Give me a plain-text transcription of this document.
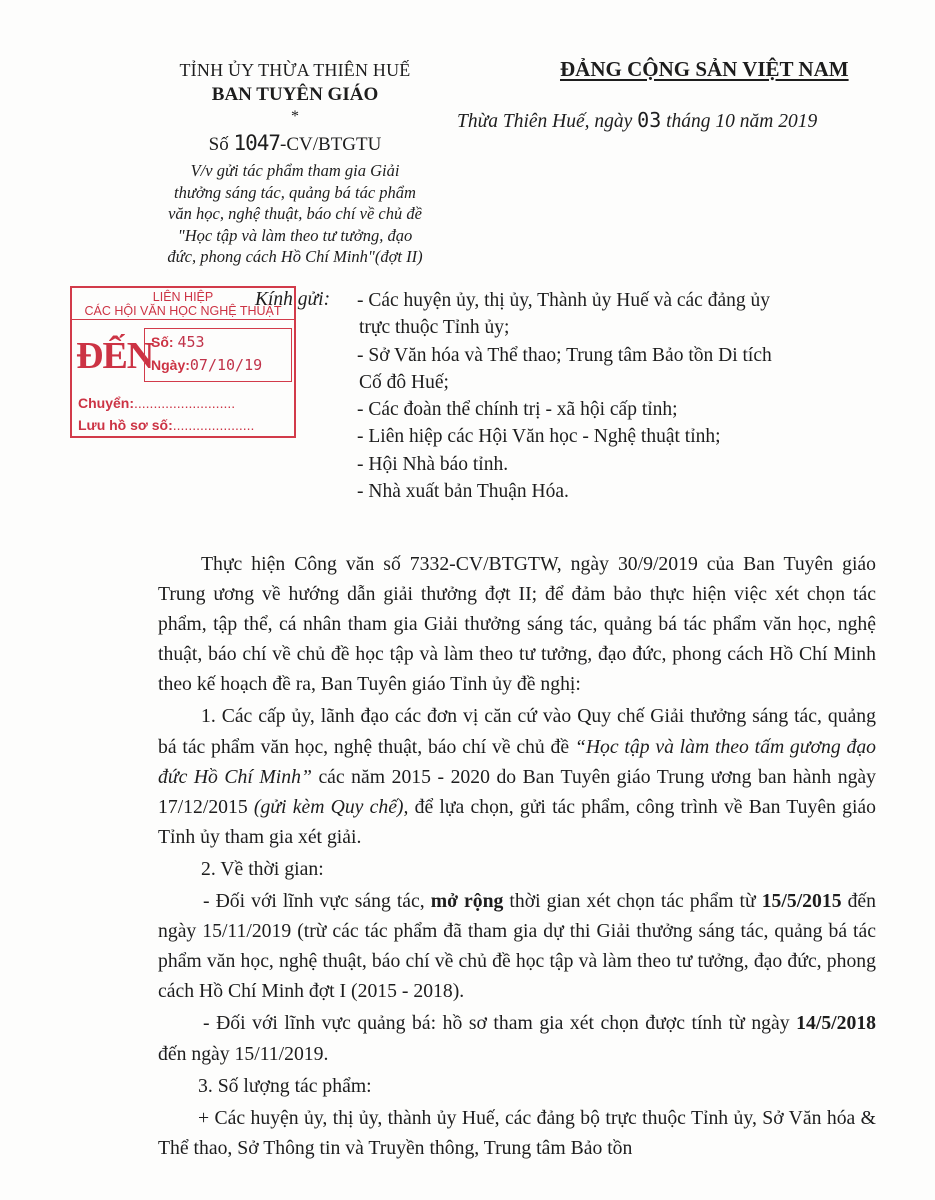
TỈNH ỦY THỪA THIÊN HUẾ
BAN TUYÊN GIÁO
*
Số 1047-CV/BTGTU
V/v gửi tác phẩm tham gia Giải
thưởng sáng tác, quảng bá tác phẩm
văn học, nghệ thuật, báo chí về chủ đề
"Học tập và làm theo tư tưởng, đạo
đức, phong cách Hồ Chí Minh"(đợt II)
ĐẢNG CỘNG SẢN VIỆT NAM
Thừa Thiên Huế, ngày 03 tháng 10 năm 2019
LIÊN HIỆP
CÁC HỘI VĂN HỌC NGHỆ THUẬT
ĐẾN
Số: 453
Ngày:07/10/19
Chuyển:..........................
Lưu hồ sơ số:.....................
Kính gửi: - Các huyện ủy, thị ủy, Thành ủy Huế và các đảng ủy
trực thuộc Tỉnh ủy;
- Sở Văn hóa và Thể thao; Trung tâm Bảo tồn Di tích
Cố đô Huế;
- Các đoàn thể chính trị - xã hội cấp tỉnh;
- Liên hiệp các Hội Văn học - Nghệ thuật tỉnh;
- Hội Nhà báo tỉnh.
- Nhà xuất bản Thuận Hóa.

Thực hiện Công văn số 7332-CV/BTGTW, ngày 30/9/2019 của Ban Tuyên giáo Trung ương về hướng dẫn giải thưởng đợt II; để đảm bảo thực hiện việc xét chọn tác phẩm, tập thể, cá nhân tham gia Giải thưởng sáng tác, quảng bá tác phẩm văn học, nghệ thuật, báo chí về chủ đề học tập và làm theo tư tưởng, đạo đức, phong cách Hồ Chí Minh theo kế hoạch đề ra, Ban Tuyên giáo Tỉnh ủy đề nghị:

1. Các cấp ủy, lãnh đạo các đơn vị căn cứ vào Quy chế Giải thưởng sáng tác, quảng bá tác phẩm văn học, nghệ thuật, báo chí về chủ đề “Học tập và làm theo tấm gương đạo đức Hồ Chí Minh” các năm 2015 - 2020 do Ban Tuyên giáo Trung ương ban hành ngày 17/12/2015 (gửi kèm Quy chế), để lựa chọn, gửi tác phẩm, công trình về Ban Tuyên giáo Tỉnh ủy tham gia xét giải.

2. Về thời gian:

- Đối với lĩnh vực sáng tác, mở rộng thời gian xét chọn tác phẩm từ 15/5/2015 đến ngày 15/11/2019 (trừ các tác phẩm đã tham gia dự thi Giải thưởng sáng tác, quảng bá tác phẩm văn học, nghệ thuật, báo chí về chủ đề học tập và làm theo tư tưởng, đạo đức, phong cách Hồ Chí Minh đợt I (2015 - 2018).

- Đối với lĩnh vực quảng bá: hồ sơ tham gia xét chọn được tính từ ngày 14/5/2018 đến ngày 15/11/2019.

3. Số lượng tác phẩm:

+ Các huyện ủy, thị ủy, thành ủy Huế, các đảng bộ trực thuộc Tỉnh ủy, Sở Văn hóa & Thể thao, Sở Thông tin và Truyền thông, Trung tâm Bảo tồn
